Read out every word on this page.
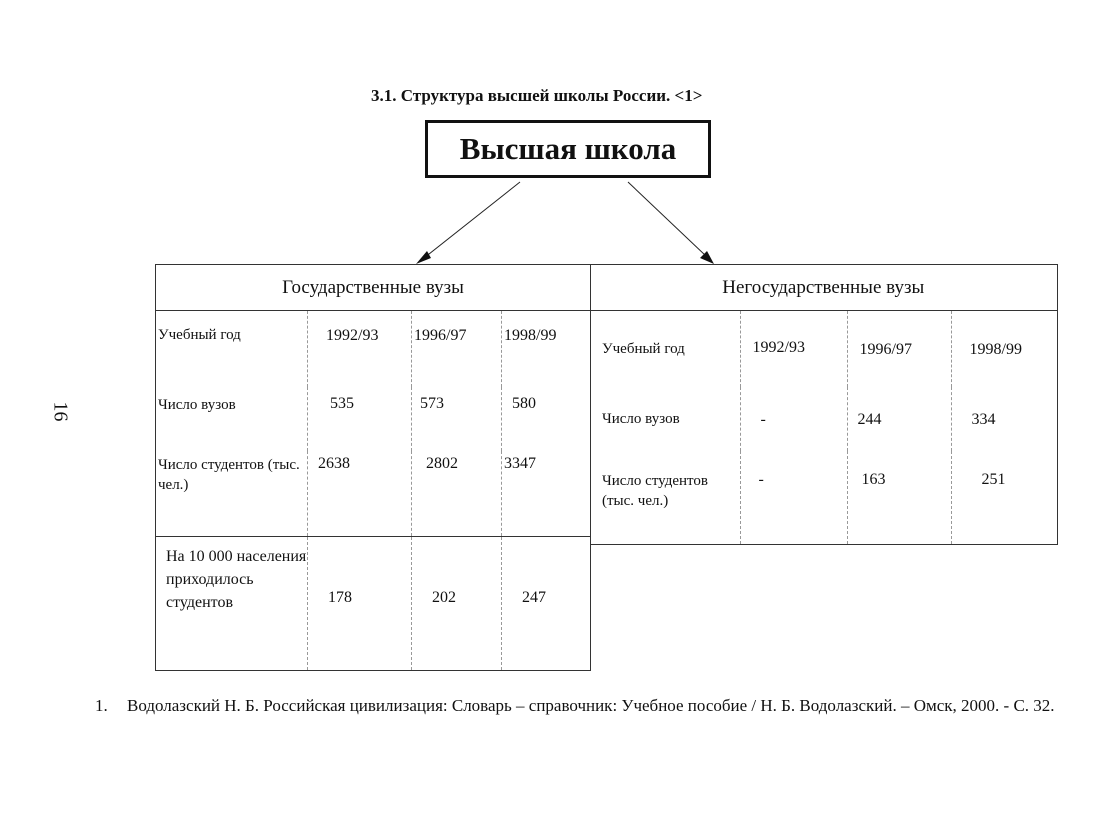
3.1. Структура высшей школы России. <1>
Высшая школа
16
Государственные вузы			
Учебный год	1992/93	1996/97	1998/99
Число вузов	535	573	580
Число студентов (тыс. чел.)	2638	2802	3347
На 10 000 населения приходилось студентов	178	202	247
Негосударственные вузы			
Учебный год	1992/93	1996/97	1998/99
Число вузов	-	244	334
Число студентов (тыс. чел.)	-	163	251
1. Водолазский Н. Б. Российская цивилизация: Словарь – справочник: Учебное пособие / Н. Б. Водолазский. – Омск, 2000. - С. 32.
